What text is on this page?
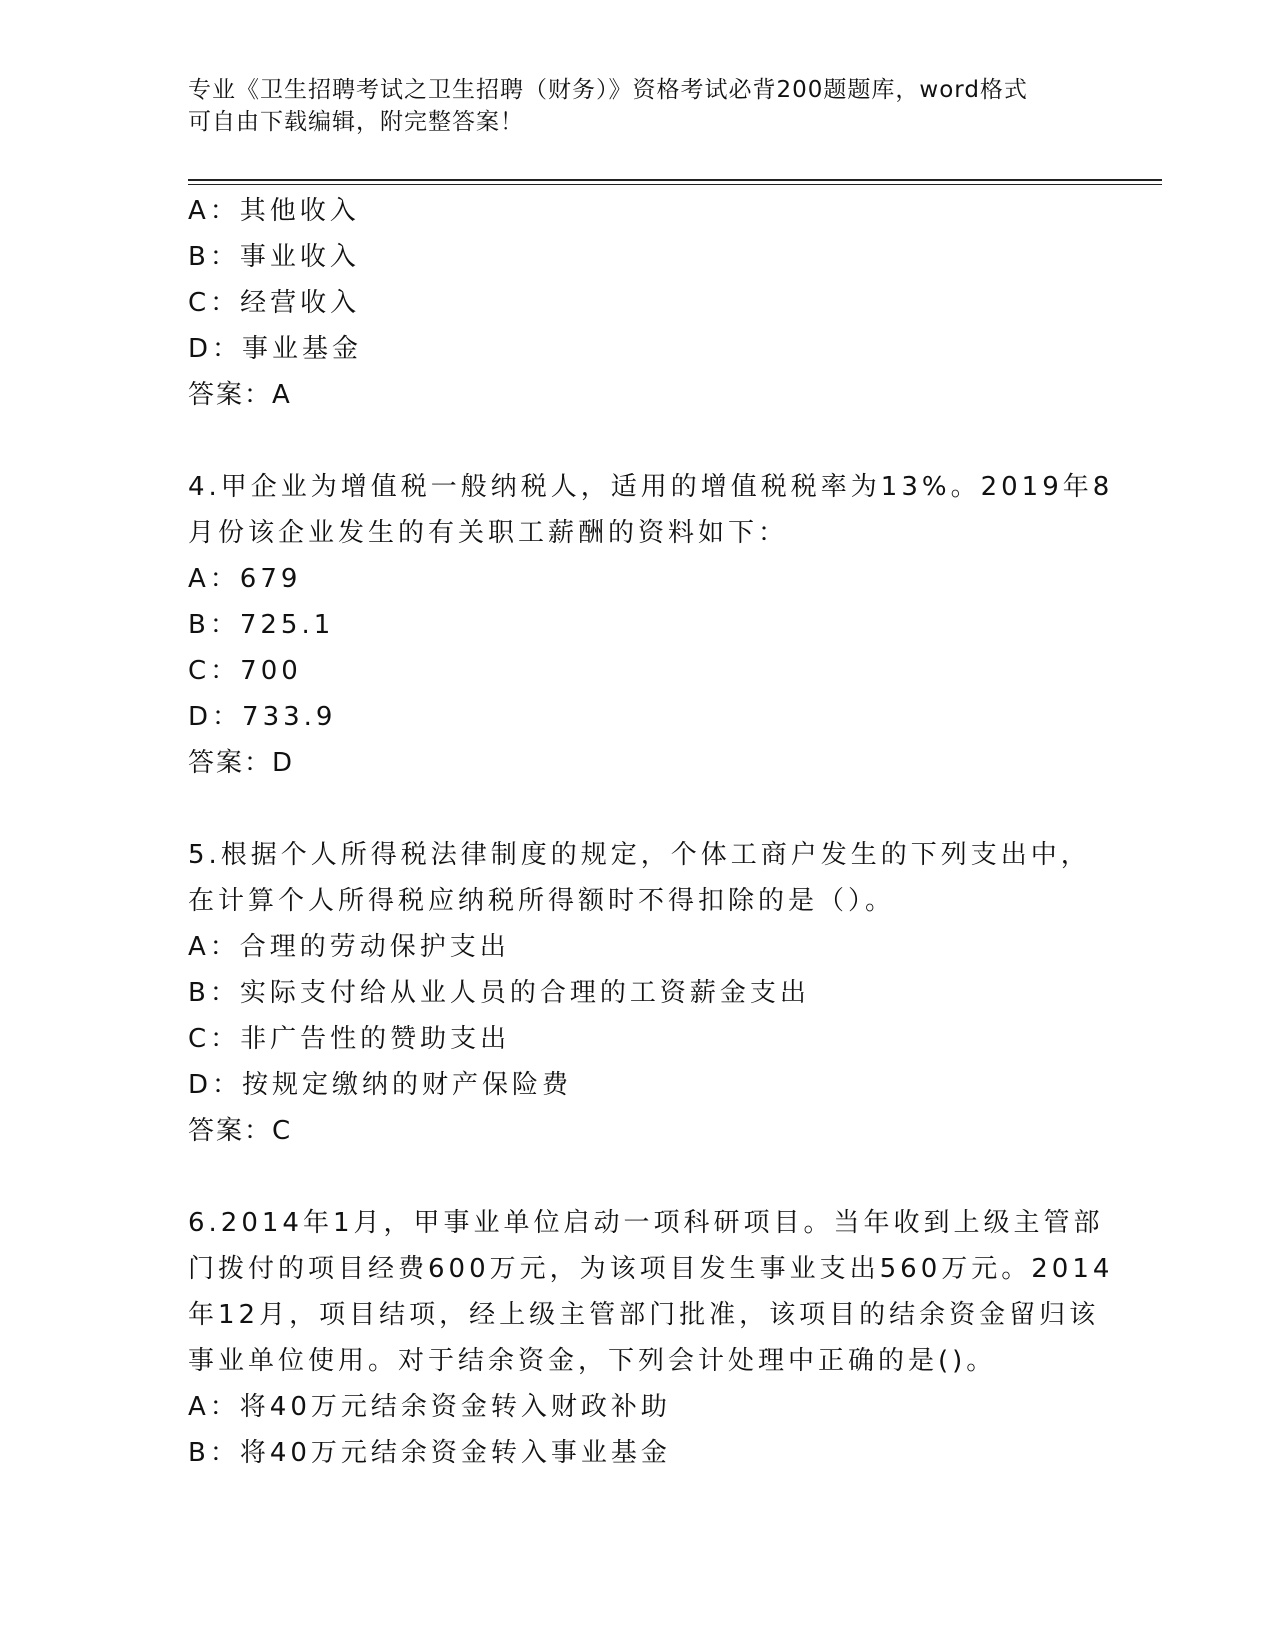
专业《卫生招聘考试之卫生招聘（财务）》资格考试必背200题题库，word格式
可自由下载编辑，附完整答案！
A：其他收入
B：事业收入
C：经营收入
D：事业基金
答案：A
4.甲企业为增值税一般纳税人，适用的增值税税率为13%。2019年8
月份该企业发生的有关职工薪酬的资料如下：
A：679
B：725.1
C：700
D：733.9
答案：D
5.根据个人所得税法律制度的规定，个体工商户发生的下列支出中，
在计算个人所得税应纳税所得额时不得扣除的是（）。
A：合理的劳动保护支出
B：实际支付给从业人员的合理的工资薪金支出
C：非广告性的赞助支出
D：按规定缴纳的财产保险费
答案：C
6.2014年1月，甲事业单位启动一项科研项目。当年收到上级主管部
门拨付的项目经费600万元，为该项目发生事业支出560万元。2014
年12月，项目结项，经上级主管部门批准，该项目的结余资金留归该
事业单位使用。对于结余资金，下列会计处理中正确的是()。
A：将40万元结余资金转入财政补助
B：将40万元结余资金转入事业基金
